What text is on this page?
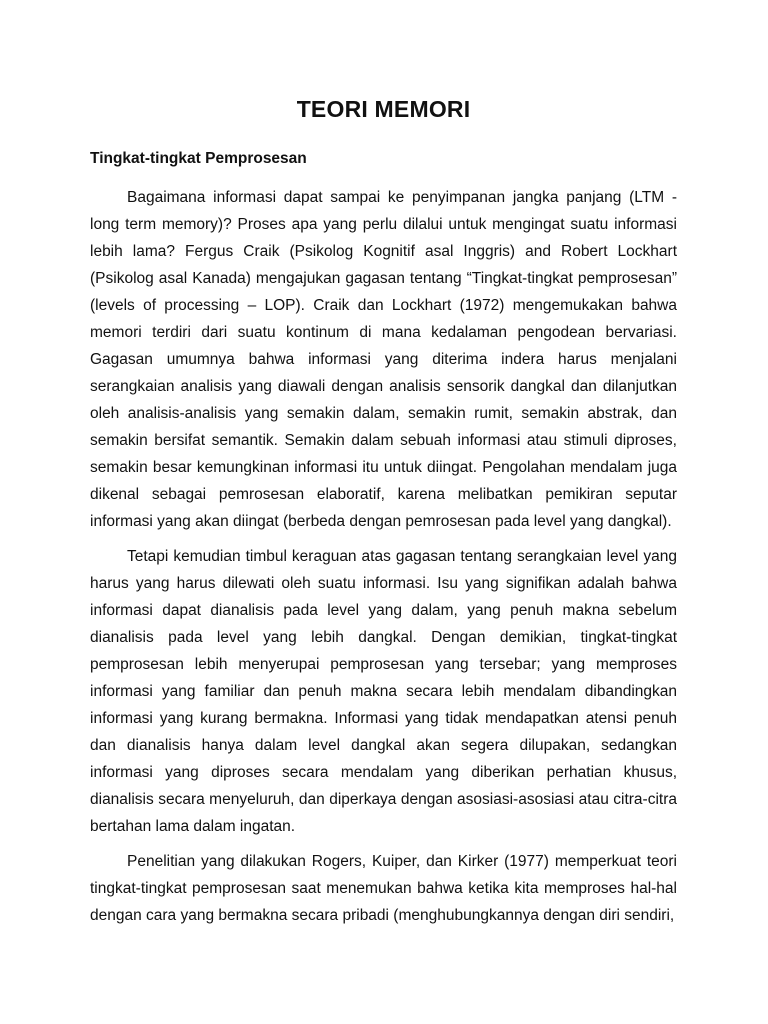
TEORI MEMORI
Tingkat-tingkat Pemprosesan

Bagaimana informasi dapat sampai ke penyimpanan jangka panjang (LTM - long term memory)? Proses apa yang perlu dilalui untuk mengingat suatu informasi lebih lama? Fergus Craik (Psikolog Kognitif asal Inggris) and Robert Lockhart (Psikolog asal Kanada) mengajukan gagasan tentang “Tingkat-tingkat pemprosesan” (levels of processing – LOP). Craik dan Lockhart (1972) mengemukakan bahwa memori terdiri dari suatu kontinum di mana kedalaman pengodean bervariasi. Gagasan umumnya bahwa informasi yang diterima indera harus menjalani serangkaian analisis yang diawali dengan analisis sensorik dangkal dan dilanjutkan oleh analisis-analisis yang semakin dalam, semakin rumit, semakin abstrak, dan semakin bersifat semantik. Semakin dalam sebuah informasi atau stimuli diproses, semakin besar kemungkinan informasi itu untuk diingat. Pengolahan mendalam juga dikenal sebagai pemrosesan elaboratif, karena melibatkan pemikiran seputar informasi yang akan diingat (berbeda dengan pemrosesan pada level yang dangkal).

Tetapi kemudian timbul keraguan atas gagasan tentang serangkaian level yang harus yang harus dilewati oleh suatu informasi. Isu yang signifikan adalah bahwa informasi dapat dianalisis pada level yang dalam, yang penuh makna sebelum dianalisis pada level yang lebih dangkal. Dengan demikian, tingkat-tingkat pemprosesan lebih menyerupai pemprosesan yang tersebar; yang memproses informasi yang familiar dan penuh makna secara lebih mendalam dibandingkan informasi yang kurang bermakna. Informasi yang tidak mendapatkan atensi penuh dan dianalisis hanya dalam level dangkal akan segera dilupakan, sedangkan informasi yang diproses secara mendalam yang diberikan perhatian khusus, dianalisis secara menyeluruh, dan diperkaya dengan asosiasi-asosiasi atau citra-citra bertahan lama dalam ingatan.

Penelitian yang dilakukan Rogers, Kuiper, dan Kirker (1977) memperkuat teori tingkat-tingkat pemprosesan saat menemukan bahwa ketika kita memproses hal-hal dengan cara yang bermakna secara pribadi (menghubungkannya dengan diri sendiri,
